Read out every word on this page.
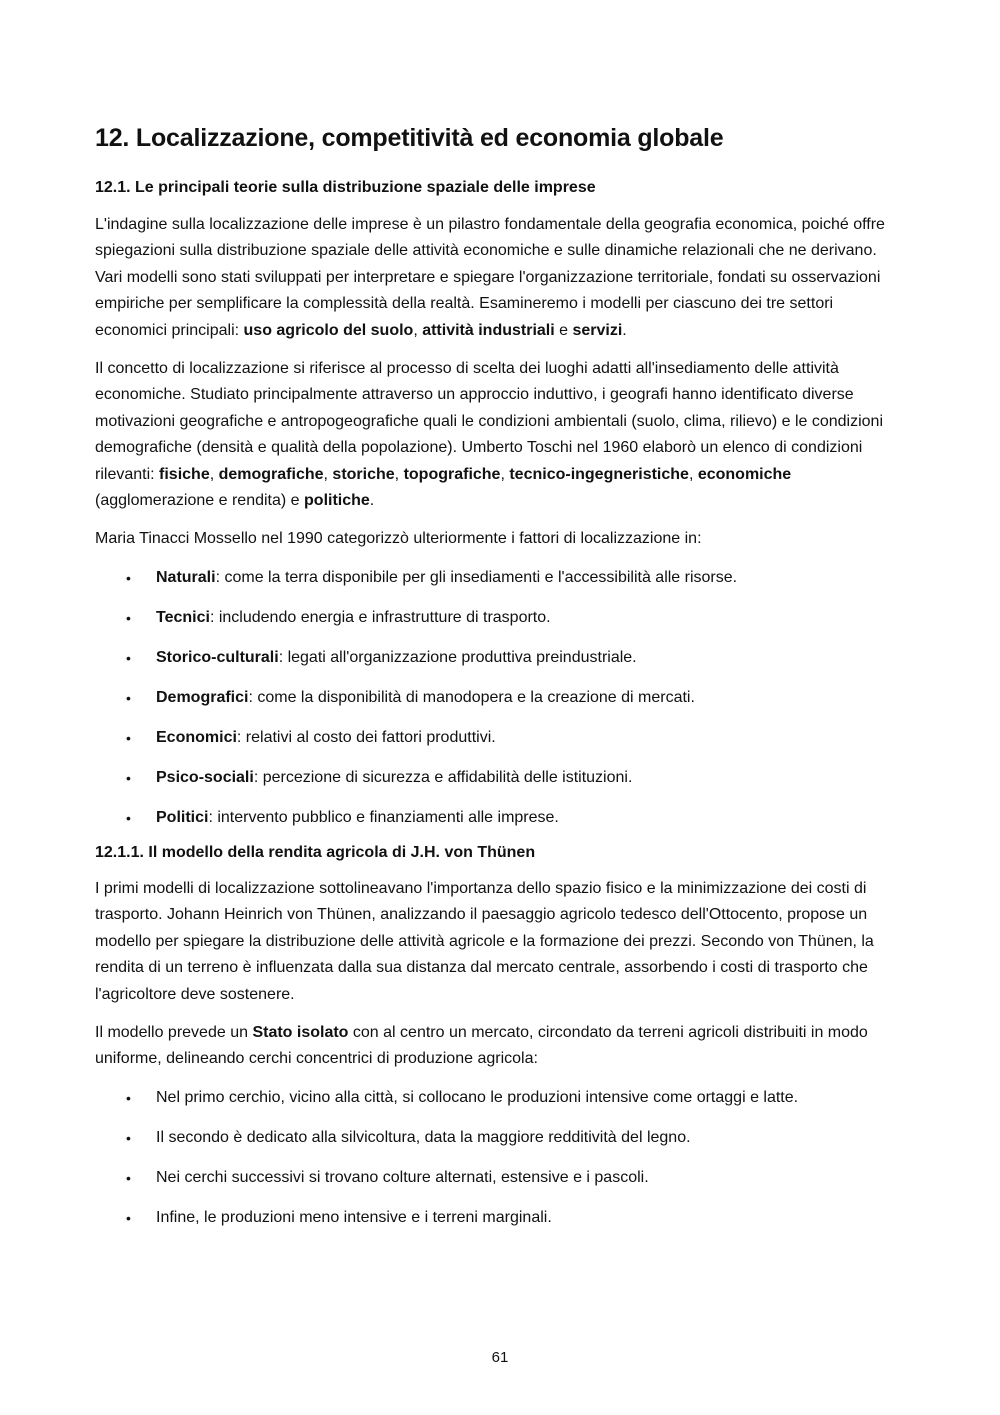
12. Localizzazione, competitività ed economia globale
12.1. Le principali teorie sulla distribuzione spaziale delle imprese

L'indagine sulla localizzazione delle imprese è un pilastro fondamentale della geografia economica, poiché offre spiegazioni sulla distribuzione spaziale delle attività economiche e sulle dinamiche relazionali che ne derivano. Vari modelli sono stati sviluppati per interpretare e spiegare l'organizzazione territoriale, fondati su osservazioni empiriche per semplificare la complessità della realtà. Esamineremo i modelli per ciascuno dei tre settori economici principali: uso agricolo del suolo, attività industriali e servizi.

Il concetto di localizzazione si riferisce al processo di scelta dei luoghi adatti all'insediamento delle attività economiche. Studiato principalmente attraverso un approccio induttivo, i geografi hanno identificato diverse motivazioni geografiche e antropogeografiche quali le condizioni ambientali (suolo, clima, rilievo) e le condizioni demografiche (densità e qualità della popolazione). Umberto Toschi nel 1960 elaborò un elenco di condizioni rilevanti: fisiche, demografiche, storiche, topografiche, tecnico-ingegneristiche, economiche (agglomerazione e rendita) e politiche.

Maria Tinacci Mossello nel 1990 categorizzò ulteriormente i fattori di localizzazione in:

• Naturali: come la terra disponibile per gli insediamenti e l'accessibilità alle risorse.
• Tecnici: includendo energia e infrastrutture di trasporto.
• Storico-culturali: legati all'organizzazione produttiva preindustriale.
• Demografici: come la disponibilità di manodopera e la creazione di mercati.
• Economici: relativi al costo dei fattori produttivi.
• Psico-sociali: percezione di sicurezza e affidabilità delle istituzioni.
• Politici: intervento pubblico e finanziamenti alle imprese.
12.1.1. Il modello della rendita agricola di J.H. von Thünen

I primi modelli di localizzazione sottolineavano l'importanza dello spazio fisico e la minimizzazione dei costi di trasporto. Johann Heinrich von Thünen, analizzando il paesaggio agricolo tedesco dell'Ottocento, propose un modello per spiegare la distribuzione delle attività agricole e la formazione dei prezzi. Secondo von Thünen, la rendita di un terreno è influenzata dalla sua distanza dal mercato centrale, assorbendo i costi di trasporto che l'agricoltore deve sostenere.

Il modello prevede un Stato isolato con al centro un mercato, circondato da terreni agricoli distribuiti in modo uniforme, delineando cerchi concentrici di produzione agricola:

• Nel primo cerchio, vicino alla città, si collocano le produzioni intensive come ortaggi e latte.
• Il secondo è dedicato alla silvicoltura, data la maggiore redditività del legno.
• Nei cerchi successivi si trovano colture alternati, estensive e i pascoli.
• Infine, le produzioni meno intensive e i terreni marginali.
61
